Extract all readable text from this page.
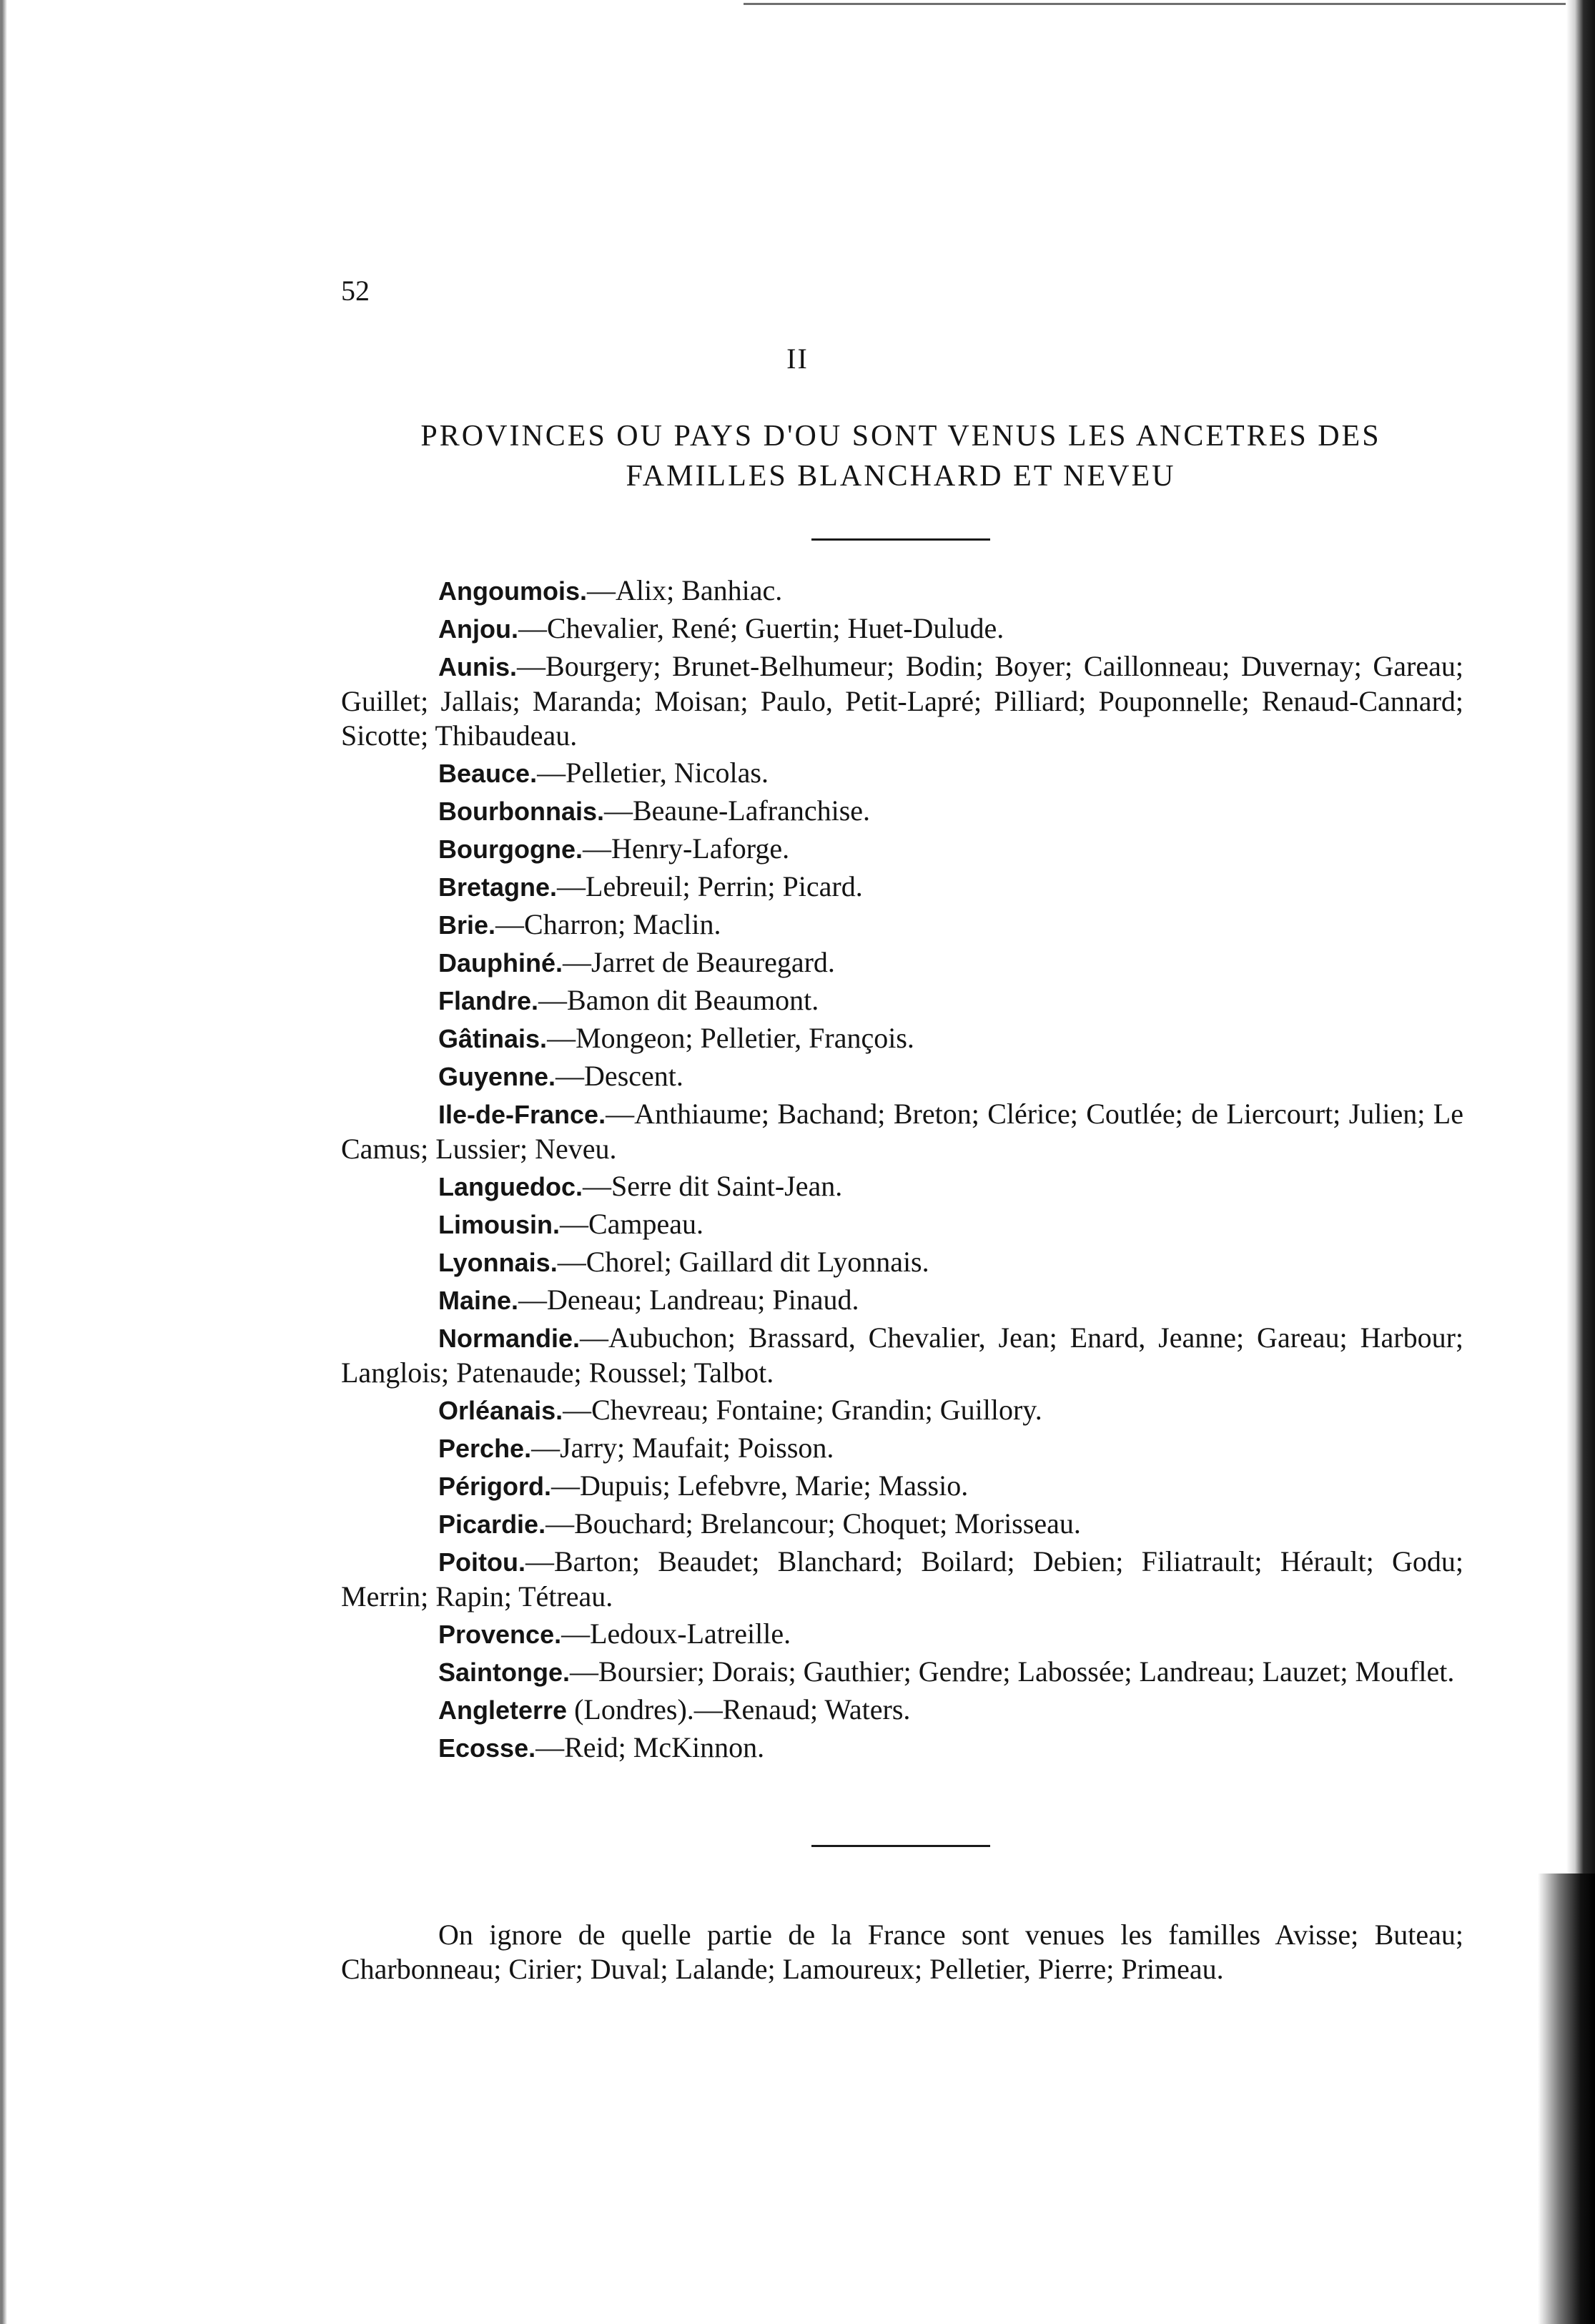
52
II
PROVINCES OU PAYS D'OU SONT VENUS LES ANCETRES DES FAMILLES BLANCHARD ET NEVEU

Angoumois.—Alix; Banhiac.

Anjou.—Chevalier, René; Guertin; Huet-Dulude.

Aunis.—Bourgery; Brunet-Belhumeur; Bodin; Boyer; Caillonneau; Duvernay; Gareau; Guillet; Jallais; Maranda; Moisan; Paulo, Petit-Lapré; Pilliard; Pouponnelle; Renaud-Cannard; Sicotte; Thibaudeau.

Beauce.—Pelletier, Nicolas.

Bourbonnais.—Beaune-Lafranchise.

Bourgogne.—Henry-Laforge.

Bretagne.—Lebreuil; Perrin; Picard.

Brie.—Charron; Maclin.

Dauphiné.—Jarret de Beauregard.

Flandre.—Bamon dit Beaumont.

Gâtinais.—Mongeon; Pelletier, François.

Guyenne.—Descent.

Ile-de-France.—Anthiaume; Bachand; Breton; Clérice; Coutlée; de Liercourt; Julien; Le Camus; Lussier; Neveu.

Languedoc.—Serre dit Saint-Jean.

Limousin.—Campeau.

Lyonnais.—Chorel; Gaillard dit Lyonnais.

Maine.—Deneau; Landreau; Pinaud.

Normandie.—Aubuchon; Brassard, Chevalier, Jean; Enard, Jeanne; Gareau; Harbour; Langlois; Patenaude; Roussel; Talbot.

Orléanais.—Chevreau; Fontaine; Grandin; Guillory.

Perche.—Jarry; Maufait; Poisson.

Périgord.—Dupuis; Lefebvre, Marie; Massio.

Picardie.—Bouchard; Brelancour; Choquet; Morisseau.

Poitou.—Barton; Beaudet; Blanchard; Boilard; Debien; Filiatrault; Hérault; Godu; Merrin; Rapin; Tétreau.

Provence.—Ledoux-Latreille.

Saintonge.—Boursier; Dorais; Gauthier; Gendre; Labossée; Landreau; Lauzet; Mouflet.

Angleterre (Londres).—Renaud; Waters.

Ecosse.—Reid; McKinnon.

On ignore de quelle partie de la France sont venues les familles Avisse; Buteau; Charbonneau; Cirier; Duval; Lalande; Lamoureux; Pelletier, Pierre; Primeau.
